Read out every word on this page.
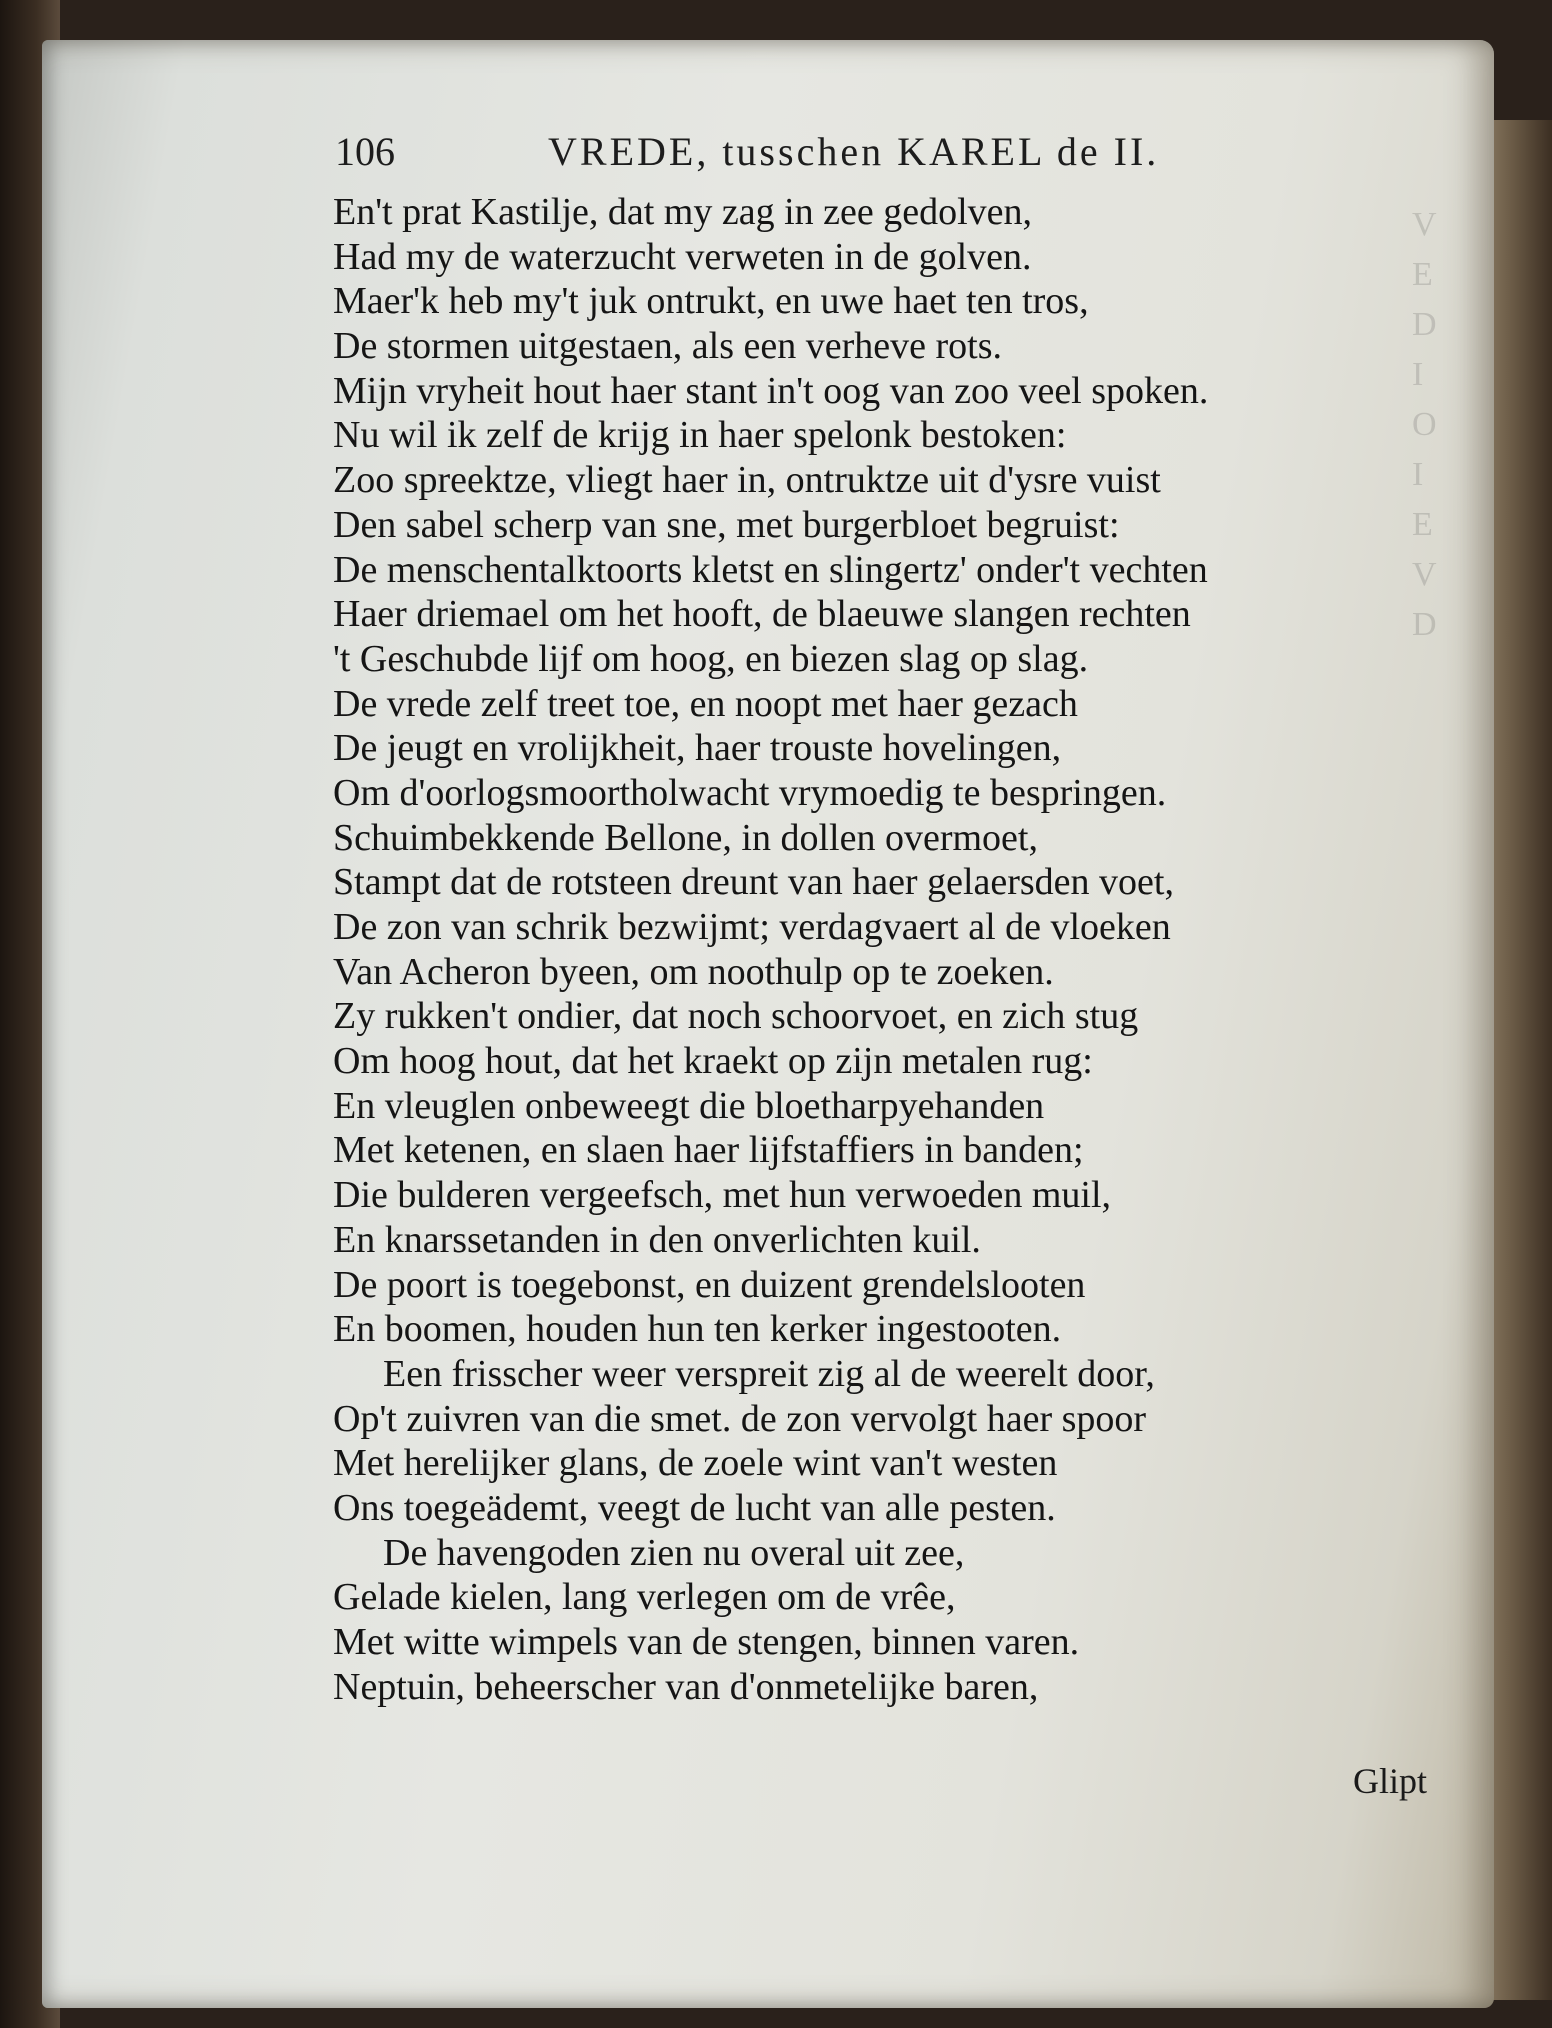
V
E
D
I
O
I
E
V
D
106	VREDE, tusschen KAREL de II.
En't prat Kastilje, dat my zag in zee gedolven,
Had my de waterzucht verweten in de golven.
Maer'k heb my't juk ontrukt, en uwe haet ten tros,
De stormen uitgestaen, als een verheve rots.
Mijn vryheit hout haer stant in't oog van zoo veel spoken.
Nu wil ik zelf de krijg in haer spelonk bestoken:
Zoo spreektze, vliegt haer in, ontruktze uit d'ysre vuist
Den sabel scherp van sne, met burgerbloet begruist:
De menschentalktoorts kletst en slingertz' onder't vechten
Haer driemael om het hooft, de blaeuwe slangen rechten
't Geschubde lijf om hoog, en biezen slag op slag.
De vrede zelf treet toe, en noopt met haer gezach
De jeugt en vrolijkheit, haer trouste hovelingen,
Om d'oorlogsmoortholwacht vrymoedig te bespringen.
Schuimbekkende Bellone, in dollen overmoet,
Stampt dat de rotsteen dreunt van haer gelaersden voet,
De zon van schrik bezwijmt; verdagvaert al de vloeken
Van Acheron byeen, om noothulp op te zoeken.
Zy rukken't ondier, dat noch schoorvoet, en zich stug
Om hoog hout, dat het kraekt op zijn metalen rug:
En vleuglen onbeweegt die bloetharpyehanden
Met ketenen, en slaen haer lijfstaffiers in banden;
Die bulderen vergeefsch, met hun verwoeden muil,
En knarssetanden in den onverlichten kuil.
De poort is toegebonst, en duizent grendelslooten
En boomen, houden hun ten kerker ingestooten.
Een frisscher weer verspreit zig al de weerelt door,
Op't zuivren van die smet. de zon vervolgt haer spoor
Met herelijker glans, de zoele wint van't westen
Ons toegeädemt, veegt de lucht van alle pesten.
De havengoden zien nu overal uit zee,
Gelade kielen, lang verlegen om de vrêe,
Met witte wimpels van de stengen, binnen varen.
Neptuin, beheerscher van d'onmetelijke baren,
Glipt
